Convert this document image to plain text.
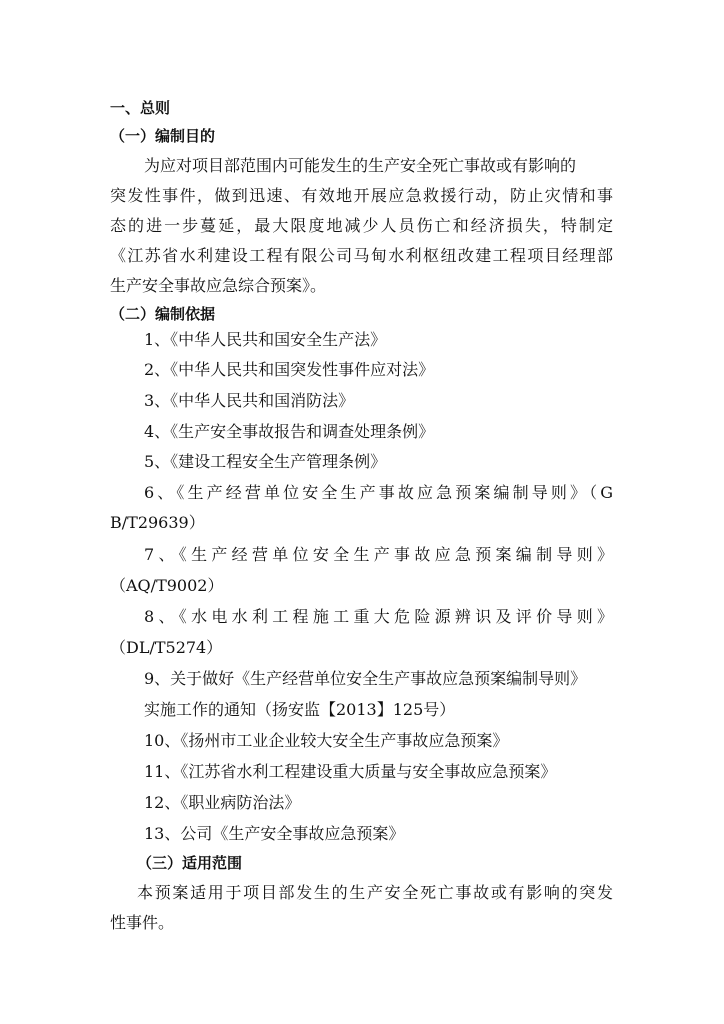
一、总则
（一）编制目的
为应对项目部范围内可能发生的生产安全死亡事故或有影响的
突发性事件，做到迅速、有效地开展应急救援行动，防止灾情和事
态的进一步蔓延，最大限度地减少人员伤亡和经济损失，特制定
《江苏省水利建设工程有限公司马甸水利枢纽改建工程项目经理部
生产安全事故应急综合预案》。
（二）编制依据
1、《中华人民共和国安全生产法》
2、《中华人民共和国突发性事件应对法》
3、《中华人民共和国消防法》
4、《生产安全事故报告和调查处理条例》
5、《建设工程安全生产管理条例》
6、《生产经营单位安全生产事故应急预案编制导则》（G
B/T29639）
7、《生产经营单位安全生产事故应急预案编制导则》
（AQ/T9002）
8、《水电水利工程施工重大危险源辨识及评价导则》
（DL/T5274）
9、关于做好《生产经营单位安全生产事故应急预案编制导则》
实施工作的通知（扬安监【2013】125号）
10、《扬州市工业企业较大安全生产事故应急预案》
11、《江苏省水利工程建设重大质量与安全事故应急预案》
12、《职业病防治法》
13、公司《生产安全事故应急预案》
（三）适用范围
本预案适用于项目部发生的生产安全死亡事故或有影响的突发
性事件。
